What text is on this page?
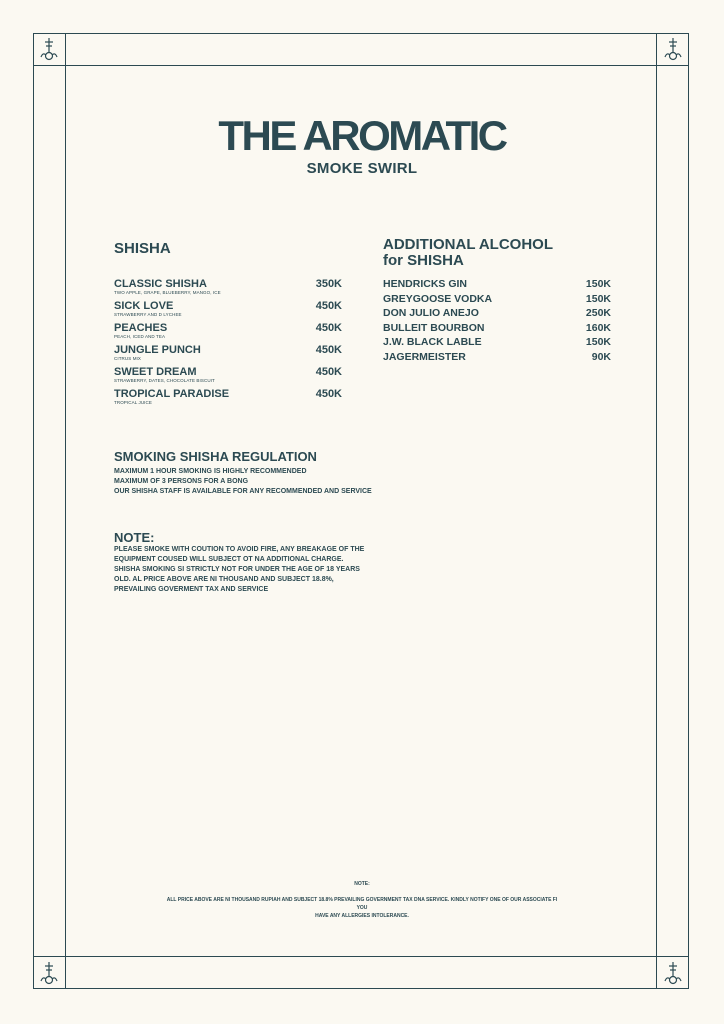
THE AROMATIC
SMOKE SWIRL
SHISHA
CLASSIC SHISHA
TWO APPLE, GRAPE, BLUEBERRY, MANGO, ICE
350K
SICK LOVE
STRAWBERRY AND D LYCHEE
450K
PEACHES
PEACH, ICED AND TEA
450K
JUNGLE PUNCH
CITRUS MIX
450K
SWEET DREAM
STRAWBERRY, DATES, CHOCOLATE BISCUIT
450K
TROPICAL PARADISE
TROPICAL JUICE
450K
ADDITIONAL ALCOHOL
for SHISHA
HENDRICKS GIN	150K
GREYGOOSE VODKA	150K
DON JULIO ANEJO	250K
BULLEIT BOURBON	160K
J.W. BLACK LABLE	150K
JAGERMEISTER	90K
SMOKING SHISHA REGULATION
MAXIMUM 1 HOUR SMOKING IS HIGHLY RECOMMENDED
MAXIMUM OF 3 PERSONS FOR A BONG
OUR SHISHA STAFF IS AVAILABLE FOR ANY RECOMMENDED AND SERVICE
NOTE:
PLEASE SMOKE WITH COUTION TO AVOID FIRE, ANY BREAKAGE OF THE
EQUIPMENT COUSED WILL SUBJECT OT NA ADDITIONAL CHARGE.
SHISHA SMOKING SI STRICTLY NOT FOR UNDER THE AGE OF 18 YEARS
OLD. AL PRICE ABOVE ARE NI THOUSAND AND SUBJECT 18.8%,
PREVAILING GOVERMENT TAX AND SERVICE
NOTE:
ALL PRICE ABOVE ARE NI THOUSAND RUPIAH AND SUBJECT 18.8% PREVAILING GOVERNMENT TAX DNA SERVICE. KINDLY NOTIFY ONE OF OUR ASSOCIATE FI YOU
HAVE ANY ALLERGIES INTOLERANCE.
